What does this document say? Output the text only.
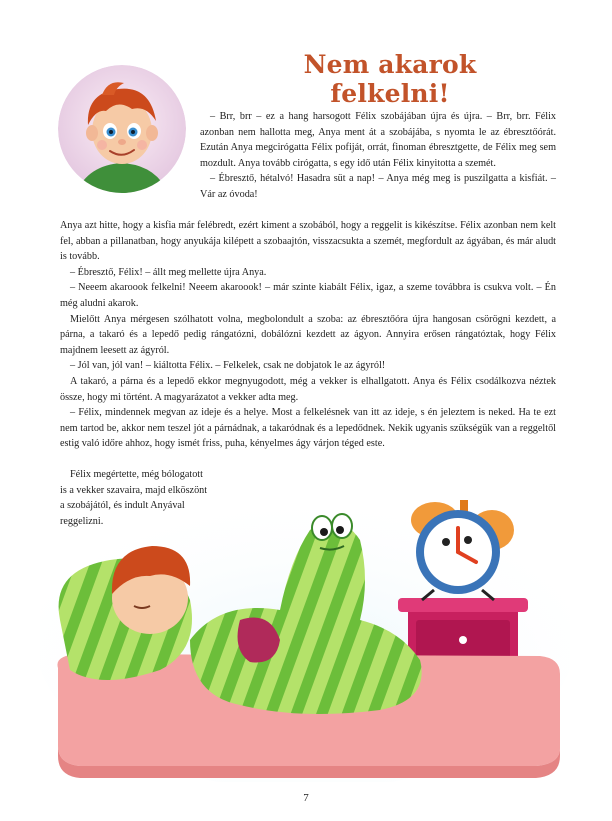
Nem akarok felkelni!

– Brr, brr – ez a hang harsogott Félix szobájában újra és újra. – Brr, brr. Félix azonban nem hallotta meg, Anya ment át a szobájába, s nyomta le az ébresztőórát. Ezután Anya megcirógatta Félix pofiját, orrát, finoman ébresztgette, de Félix meg sem mozdult. Anya tovább cirógatta, s egy idő után Félix kinyitotta a szemét.

– Ébresztő, hétalvó! Hasadra süt a nap! – Anya még meg is puszilgatta a kisfiát. – Vár az óvoda!

Anya azt hitte, hogy a kisfia már felébredt, ezért kiment a szobából, hogy a reggelit is kikészítse. Félix azonban nem kelt fel, abban a pillanatban, hogy anyukája kilépett a szobaajtón, visszacsukta a szemét, megfordult az ágyában, és már aludt is tovább.

– Ébresztő, Félix! – állt meg mellette újra Anya.

– Neeem akaroook felkelni! Neeem akaroook! – már szinte kiabált Félix, igaz, a szeme továbbra is csukva volt. – Én még aludni akarok.

Mielőtt Anya mérgesen szólhatott volna, megbolondult a szoba: az ébresztőóra újra hangosan csörögni kezdett, a párna, a takaró és a lepedő pedig rángatózni, dobálózni kezdett az ágyon. Annyira erősen rángatóztak, hogy Félix majdnem leesett az ágyról.

– Jól van, jól van! – kiáltotta Félix. – Felkelek, csak ne dobjatok le az ágyról!

A takaró, a párna és a lepedő ekkor megnyugodott, még a vekker is elhallgatott. Anya és Félix csodálkozva néztek össze, hogy mi történt. A magyarázatot a vekker adta meg.

– Félix, mindennek megvan az ideje és a helye. Most a felkelésnek van itt az ideje, s én jeleztem is neked. Ha te ezt nem tartod be, akkor nem teszel jót a párnádnak, a takaródnak és a lepedődnek. Nekik ugyanis szükségük van a reggeltől estig való időre ahhoz, hogy ismét friss, puha, kényelmes ágy várjon téged este.

Félix megértette, még bólogatott is a vekker szavaira, majd elköszönt a szobájától, és indult Anyával reggelizni.

7
